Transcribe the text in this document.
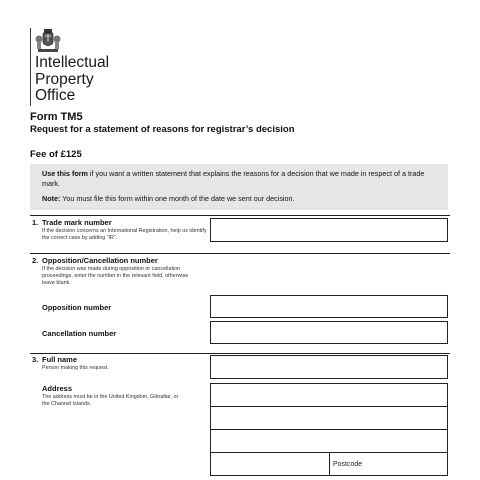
Intellectual
Property
Office
Form TM5
Request for a statement of reasons for registrar’s decision
Fee of £125

Use this form if you want a written statement that explains the reasons for a decision that we made in respect of a trade mark.

Note: You must file this form within one month of the date we sent our decision.

1. Trade mark number
If the decision concerns an International Registration, help us identify the correct case by adding “IR”.
2. Opposition/Cancellation number
If the decision was made during opposition or cancellation proceedings, enter the number in the relevant field, otherwise leave blank.
Opposition number
Cancellation number
3. Full name
Person making this request.
Address
The address must be in the United Kingdom, Gibraltar, or the Channel Islands.
Postcode
